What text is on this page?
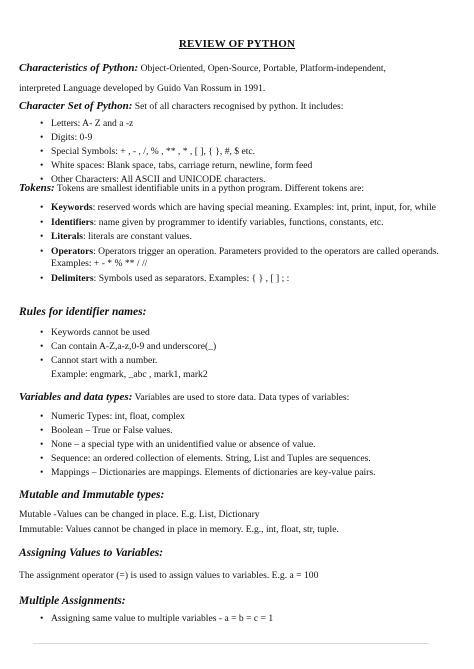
REVIEW OF PYTHON
Characteristics of Python: Object-Oriented, Open-Source, Portable, Platform-independent,
interpreted Language developed by Guido Van Rossum in 1991.
Character Set of Python: Set of all characters recognised by python. It includes:
• Letters: A- Z and a -z
• Digits: 0-9
• Special Symbols: + , - , /, % , ** , * , [ ], { }, #, $ etc.
• White spaces: Blank space, tabs, carriage return, newline, form feed
• Other Characters: All ASCII and UNICODE characters.
Tokens: Tokens are smallest identifiable units in a python program. Different tokens are:
• Keywords: reserved words which are having special meaning. Examples: int, print, input, for, while
• Identifiers: name given by programmer to identify variables, functions, constants, etc.
• Literals: literals are constant values.
• Operators: Operators trigger an operation. Parameters provided to the operators are called operands. Examples: + - * % ** / //
• Delimiters: Symbols used as separators. Examples: { } , [ ] ; :
Rules for identifier names:
• Keywords cannot be used
• Can contain A-Z,a-z,0-9 and underscore(_)
• Cannot start with a number.
Example: engmark, _abc , mark1, mark2
Variables and data types: Variables are used to store data. Data types of variables:
• Numeric Types: int, float, complex
• Boolean – True or False values.
• None – a special type with an unidentified value or absence of value.
• Sequence: an ordered collection of elements. String, List and Tuples are sequences.
• Mappings – Dictionaries are mappings. Elements of dictionaries are key-value pairs.
Mutable and Immutable types:
Mutable -Values can be changed in place. E.g. List, Dictionary
Immutable: Values cannot be changed in place in memory. E.g., int, float, str, tuple.
Assigning Values to Variables:
The assignment operator (=) is used to assign values to variables. E.g. a = 100
Multiple Assignments:
• Assigning same value to multiple variables - a = b = c = 1
